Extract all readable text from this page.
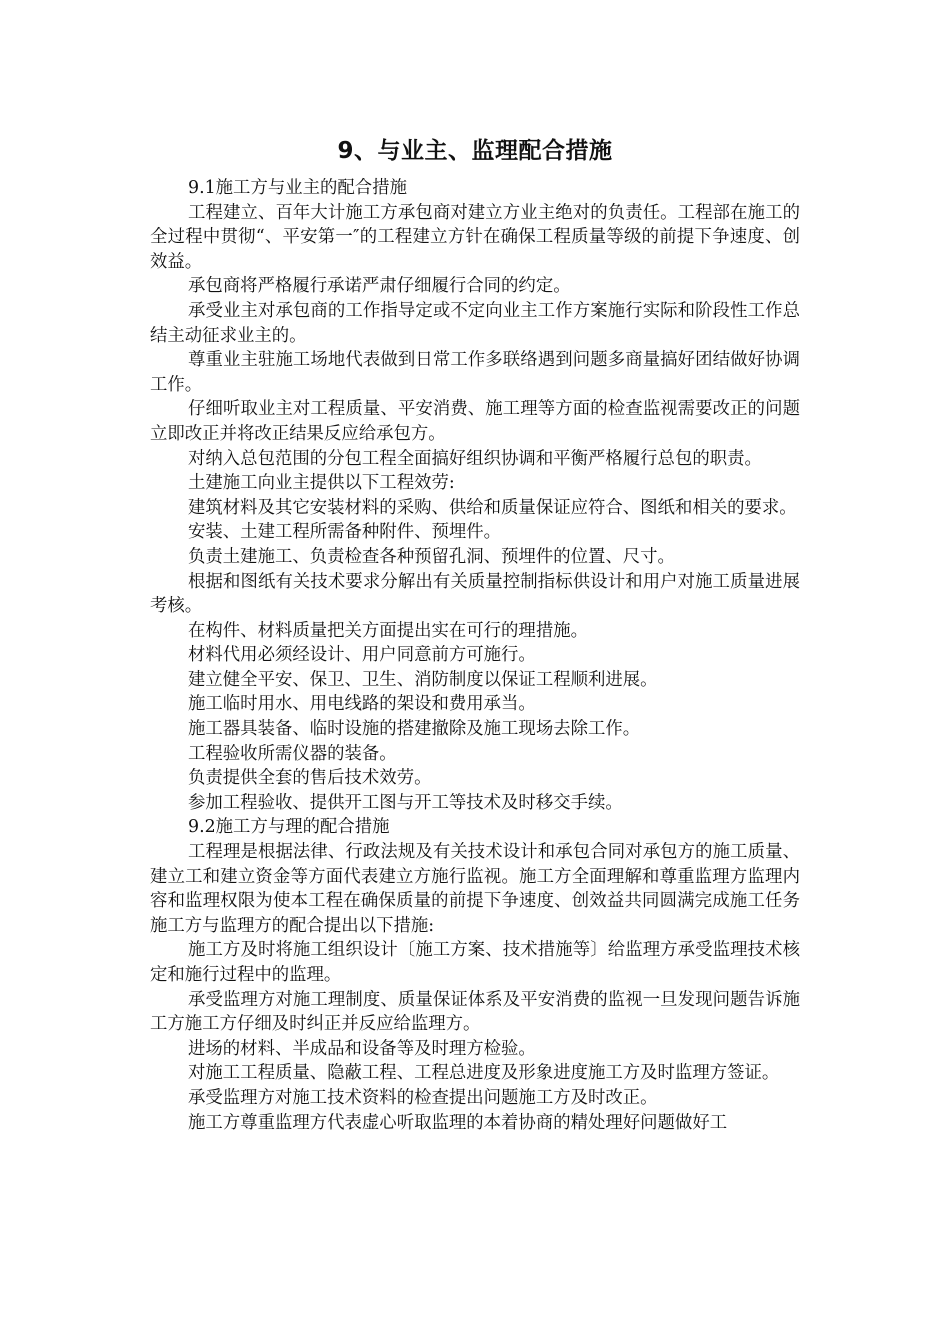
9、与业主、监理配合措施

9.1施工方与业主的配合措施

工程建立、百年大计施工方承包商对建立方业主绝对的负责任。工程部在施工的全过程中贯彻“、平安第一″的工程建立方针在确保工程质量等级的前提下争速度、创效益。

承包商将严格履行承诺严肃仔细履行合同的约定。

承受业主对承包商的工作指导定或不定向业主工作方案施行实际和阶段性工作总结主动征求业主的。

尊重业主驻施工场地代表做到日常工作多联络遇到问题多商量搞好团结做好协调工作。

仔细听取业主对工程质量、平安消费、施工理等方面的检查监视需要改正的问题立即改正并将改正结果反应给承包方。

对纳入总包范围的分包工程全面搞好组织协调和平衡严格履行总包的职责。

土建施工向业主提供以下工程效劳:

建筑材料及其它安装材料的采购、供给和质量保证应符合、图纸和相关的要求。

安装、土建工程所需备种附件、预埋件。

负责土建施工、负责检查各种预留孔洞、预埋件的位置、尺寸。

根据和图纸有关技术要求分解出有关质量控制指标供设计和用户对施工质量进展考核。

在构件、材料质量把关方面提出实在可行的理措施。

材料代用必须经设计、用户同意前方可施行。

建立健全平安、保卫、卫生、消防制度以保证工程顺利进展。

施工临时用水、用电线路的架设和费用承当。

施工器具装备、临时设施的搭建撤除及施工现场去除工作。

工程验收所需仪器的装备。

负责提供全套的售后技术效劳。

参加工程验收、提供开工图与开工等技术及时移交手续。

9.2施工方与理的配合措施

工程理是根据法律、行政法规及有关技术设计和承包合同对承包方的施工质量、建立工和建立资金等方面代表建立方施行监视。施工方全面理解和尊重监理方监理内容和监理权限为使本工程在确保质量的前提下争速度、创效益共同圆满完成施工任务施工方与监理方的配合提出以下措施:

施工方及时将施工组织设计〔施工方案、技术措施等〕给监理方承受监理技术核定和施行过程中的监理。

承受监理方对施工理制度、质量保证体系及平安消费的监视一旦发现问题告诉施工方施工方仔细及时纠正并反应给监理方。

进场的材料、半成品和设备等及时理方检验。

对施工工程质量、隐蔽工程、工程总进度及形象进度施工方及时监理方签证。

承受监理方对施工技术资料的检查提出问题施工方及时改正。

施工方尊重监理方代表虚心听取监理的本着协商的精处理好问题做好工
